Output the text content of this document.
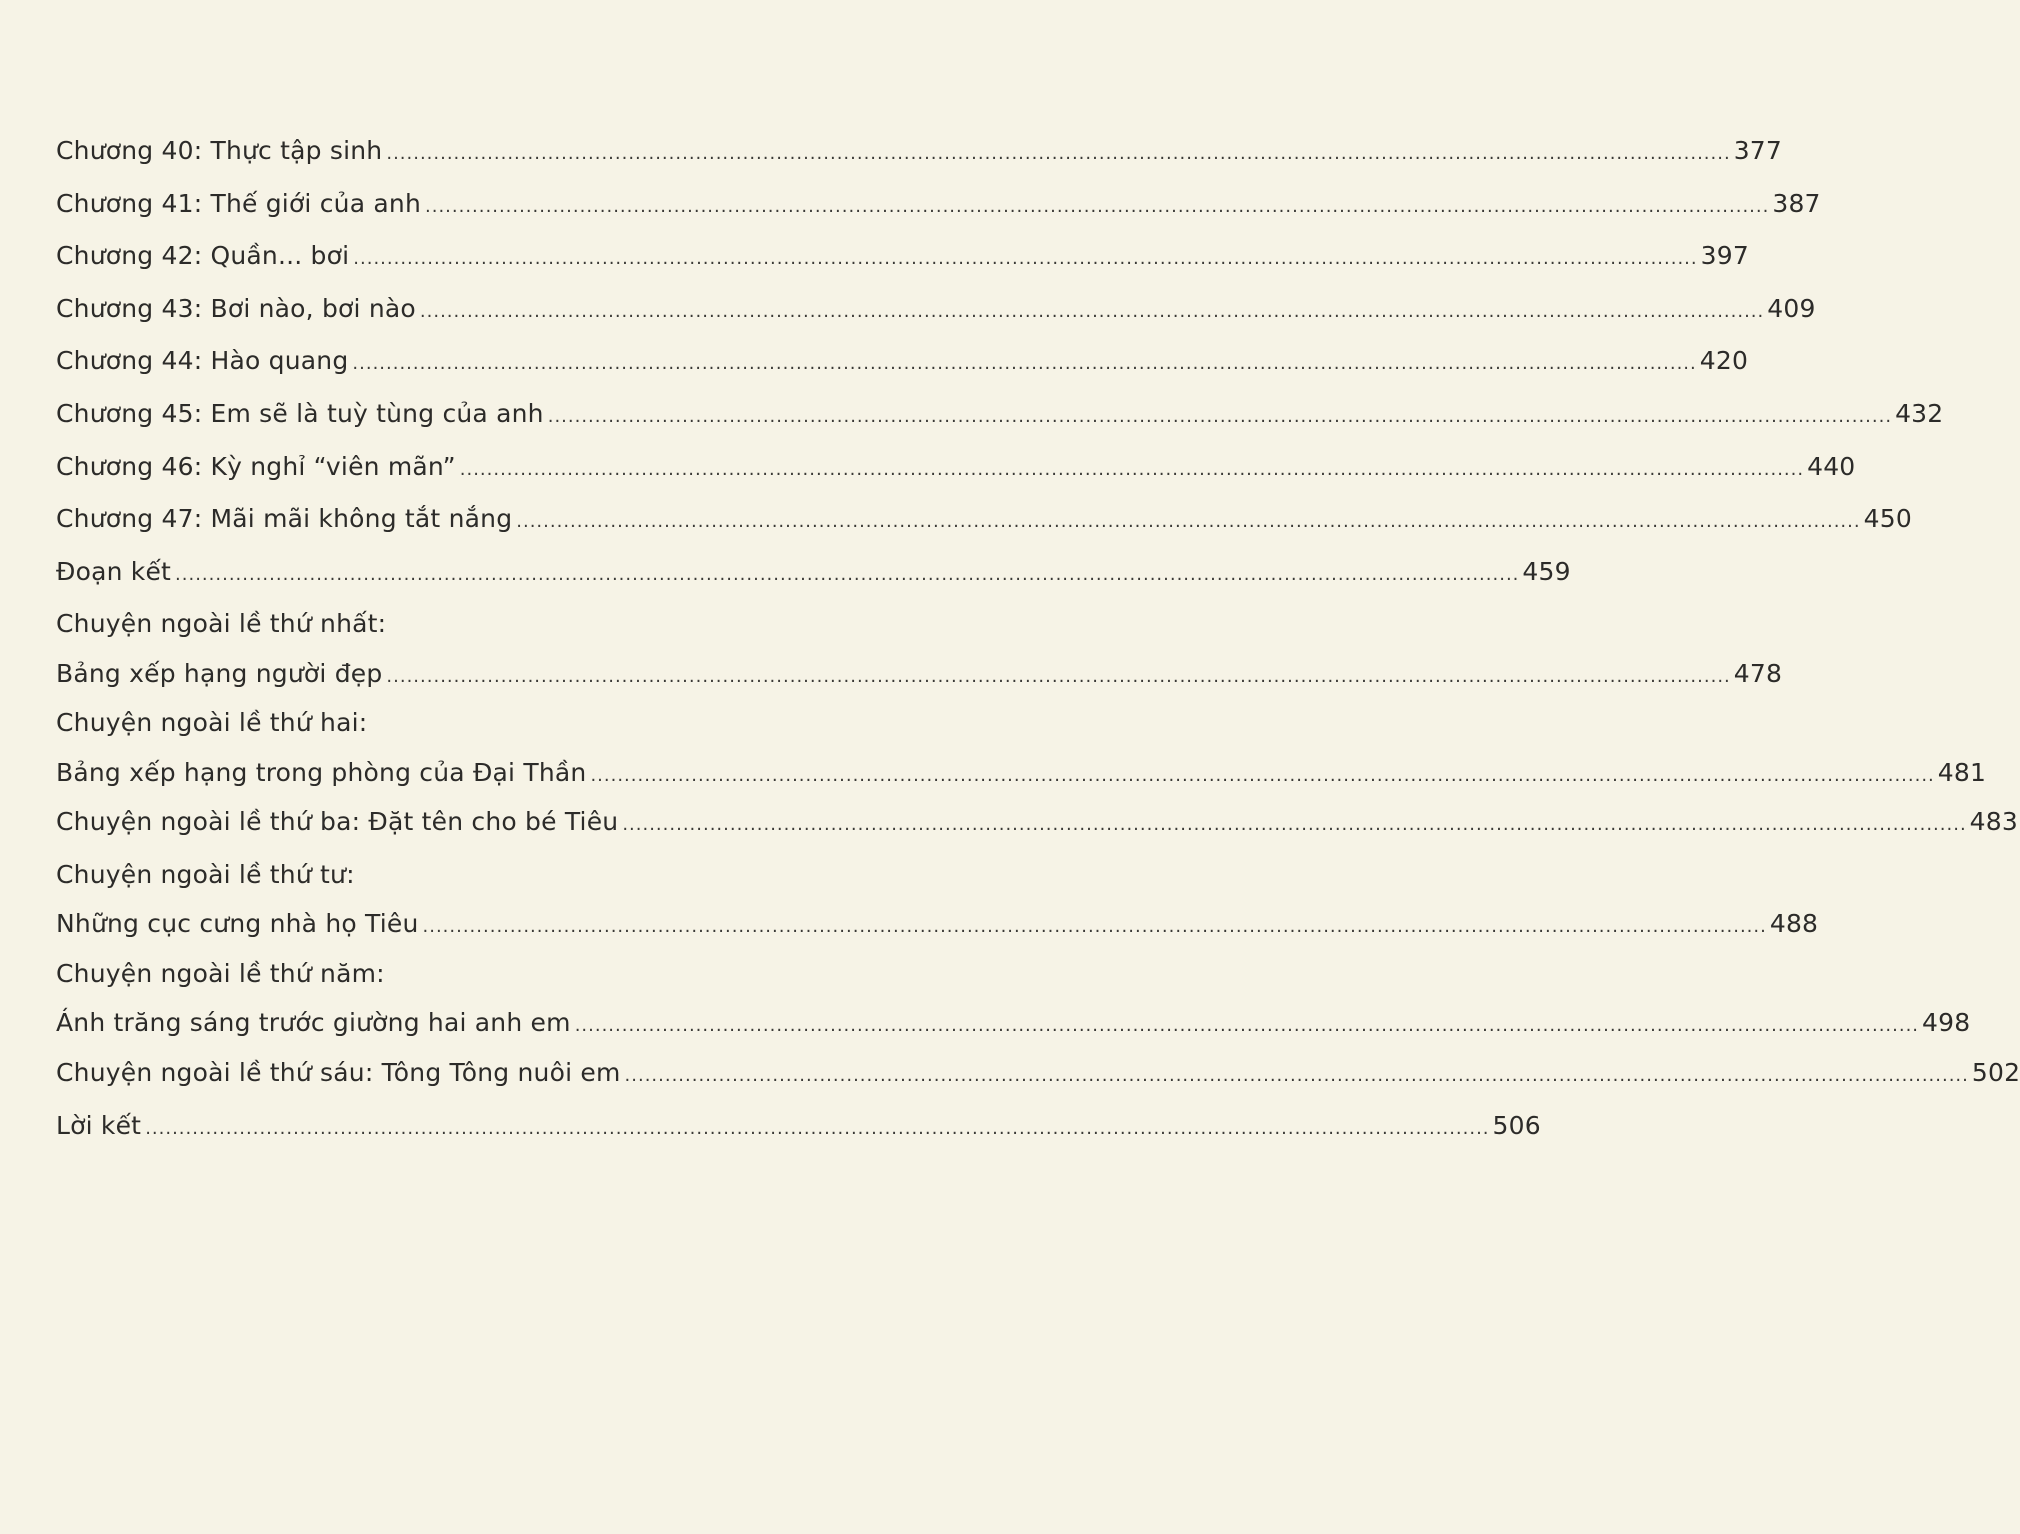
Chương 40: Thực tập sinh ........................................................................................................................................................................................................ 377
Chương 41: Thế giới của anh ........................................................................................................................................................................................................ 387
Chương 42: Quần... bơi ........................................................................................................................................................................................................ 397
Chương 43: Bơi nào, bơi nào ........................................................................................................................................................................................................ 409
Chương 44: Hào quang ........................................................................................................................................................................................................ 420
Chương 45: Em sẽ là tuỳ tùng của anh ........................................................................................................................................................................................................ 432
Chương 46: Kỳ nghỉ “viên mãn” ........................................................................................................................................................................................................ 440
Chương 47: Mãi mãi không tắt nắng ........................................................................................................................................................................................................ 450
Đoạn kết ........................................................................................................................................................................................................ 459
Chuyện ngoài lề thứ nhất:
Bảng xếp hạng người đẹp ........................................................................................................................................................................................................ 478
Chuyện ngoài lề thứ hai:
Bảng xếp hạng trong phòng của Đại Thần ........................................................................................................................................................................................................ 481
Chuyện ngoài lề thứ ba: Đặt tên cho bé Tiêu ........................................................................................................................................................................................................ 483
Chuyện ngoài lề thứ tư:
Những cục cưng nhà họ Tiêu ........................................................................................................................................................................................................ 488
Chuyện ngoài lề thứ năm:
Ánh trăng sáng trước giường hai anh em ........................................................................................................................................................................................................ 498
Chuyện ngoài lề thứ sáu: Tông Tông nuôi em ........................................................................................................................................................................................................ 502
Lời kết ........................................................................................................................................................................................................ 506
